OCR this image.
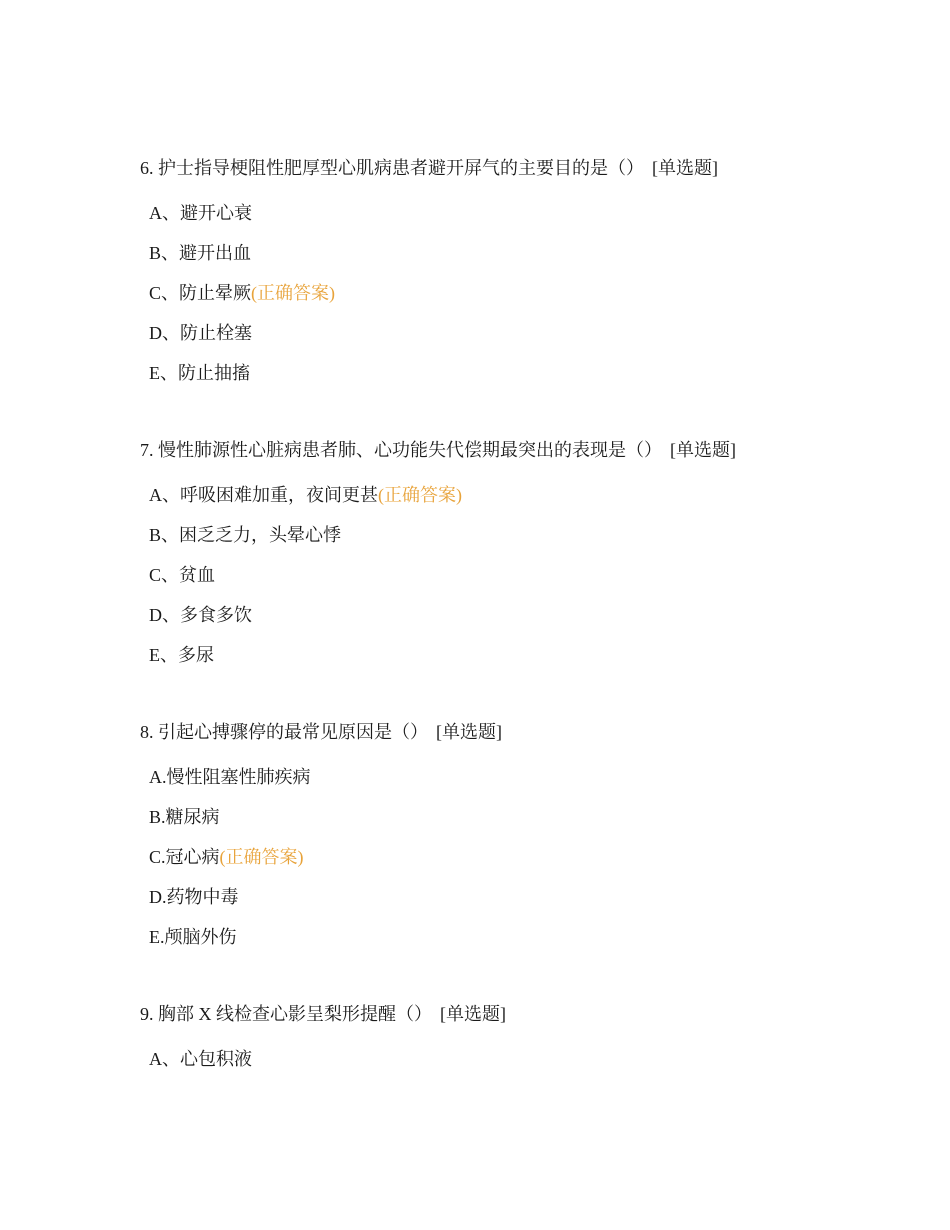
6. 护士指导梗阻性肥厚型心肌病患者避开屏气的主要目的是（） [单选题]
A、避开心衰
B、避开出血
C、防止晕厥(正确答案)
D、防止栓塞
E、防止抽搐
7. 慢性肺源性心脏病患者肺、心功能失代偿期最突出的表现是（） [单选题]
A、呼吸困难加重，夜间更甚(正确答案)
B、困乏乏力，头晕心悸
C、贫血
D、多食多饮
E、多尿
8. 引起心搏骤停的最常见原因是（） [单选题]
A.慢性阻塞性肺疾病
B.糖尿病
C.冠心病(正确答案)
D.药物中毒
E.颅脑外伤
9. 胸部 X 线检查心影呈梨形提醒（） [单选题]
A、心包积液
